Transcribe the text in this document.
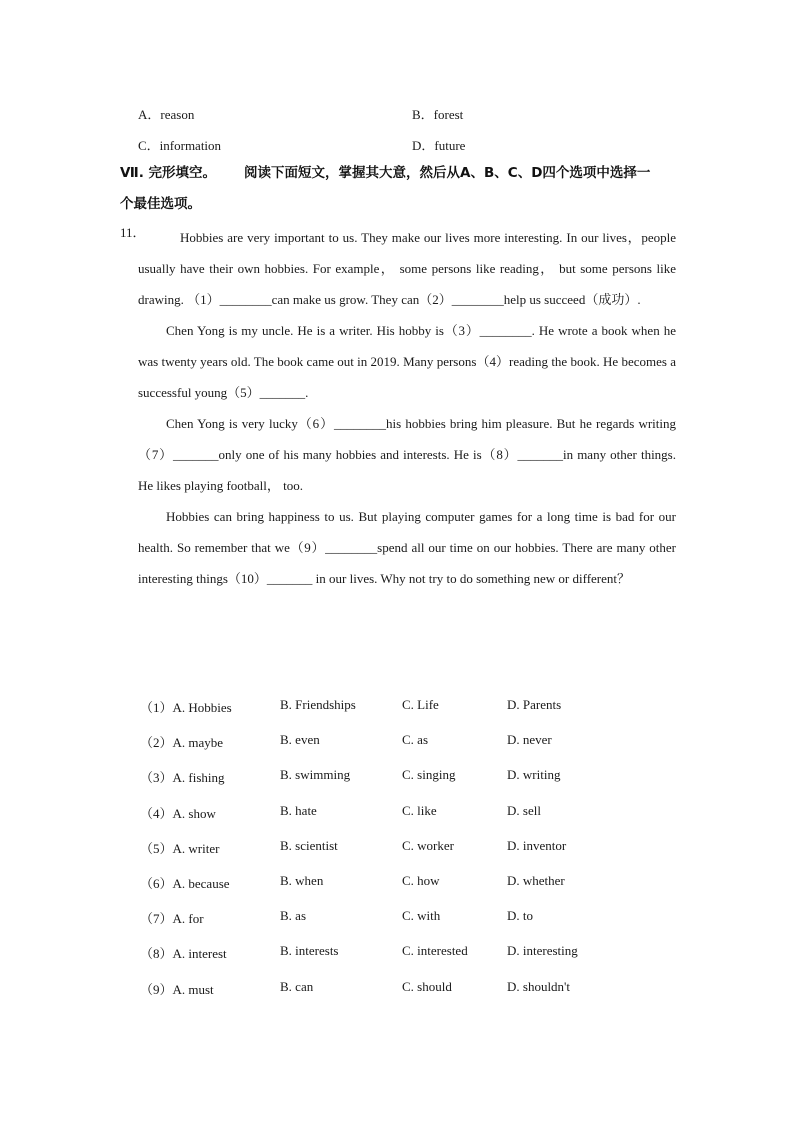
A．reason	B．forest
C．information	D．future
Ⅶ. 完形填空。 阅读下面短文，掌握其大意，然后从A、B、C、D四个选项中选择一
个最佳选项。
11．	Hobbies are very important to us. They make our lives more interesting. In our lives，people usually have their own hobbies. For example， some persons like reading， but some persons like drawing. （1）________can make us grow. They can（2）________help us succeed（成功）.

Chen Yong is my uncle. He is a writer. His hobby is（3）________. He wrote a book when he was twenty years old. The book came out in 2019. Many persons（4）reading the book. He becomes a successful young（5）_______.

Chen Yong is very lucky（6）________his hobbies bring him pleasure. But he regards writing（7）_______only one of his many hobbies and interests. He is（8）_______in many other things. He likes playing football， too.

Hobbies can bring happiness to us. But playing computer games for a long time is bad for our health. So remember that we（9）________spend all our time on our hobbies. There are many other interesting things（10）_______ in our lives. Why not try to do something new or different？

（1）A. Hobbies	B. Friendships	C. Life	D. Parents
（2）A. maybe	B. even	C. as	D. never
（3）A. fishing	B. swimming	C. singing	D. writing
（4）A. show	B. hate	C. like	D. sell
（5）A. writer	B. scientist	C. worker	D. inventor
（6）A. because	B. when	C. how	D. whether
（7）A. for	B. as	C. with	D. to
（8）A. interest	B. interests	C. interested	D. interesting
（9）A. must	B. can	C. should	D. shouldn't
